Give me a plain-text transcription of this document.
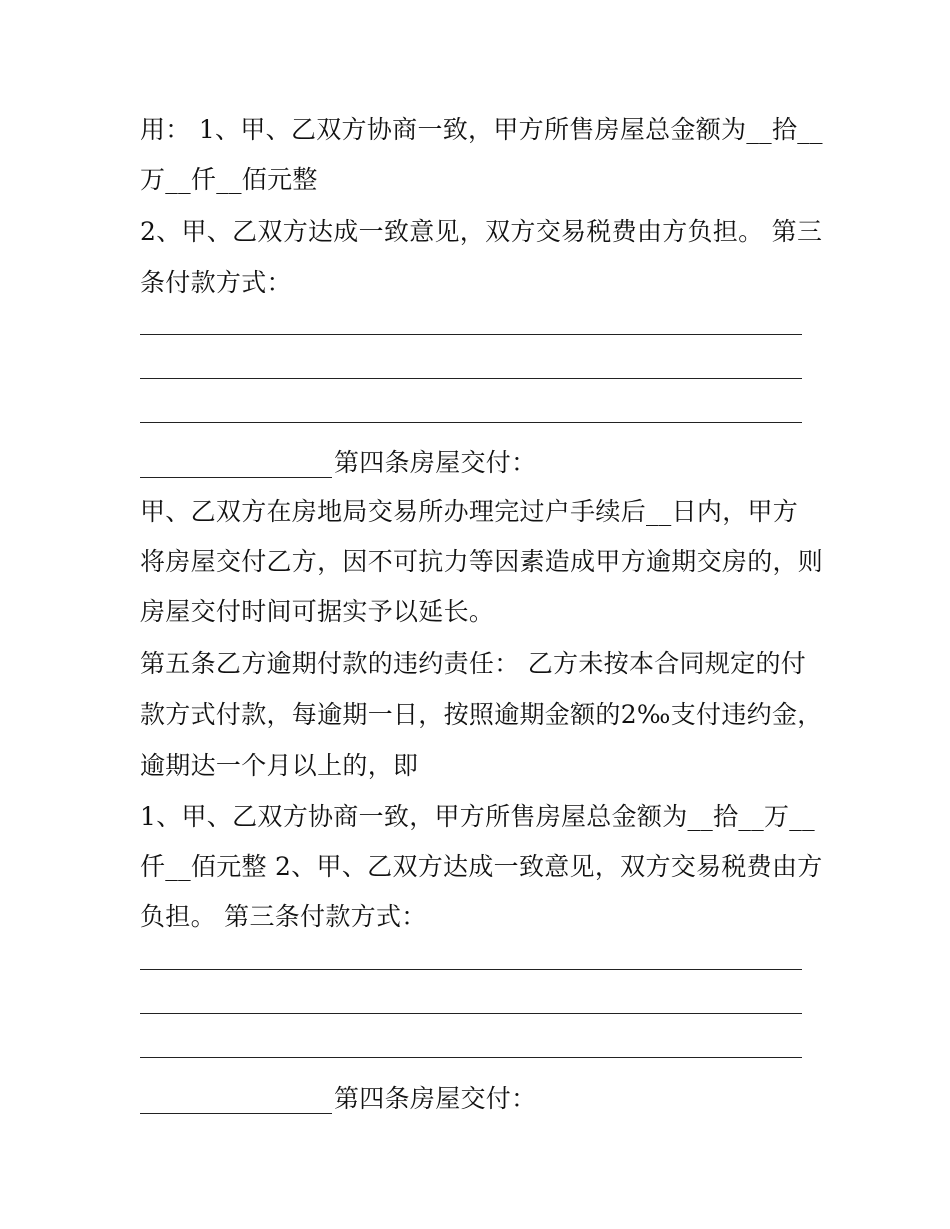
用： 1、甲、乙双方协商一致，甲方所售房屋总金额为__拾__
万__仟__佰元整
2、甲、乙双方达成一致意见，双方交易税费由方负担。 第三
条付款方式：
第四条房屋交付：
甲、乙双方在房地局交易所办理完过户手续后__日内，甲方
将房屋交付乙方，因不可抗力等因素造成甲方逾期交房的，则
房屋交付时间可据实予以延长。
第五条乙方逾期付款的违约责任： 乙方未按本合同规定的付
款方式付款，每逾期一日，按照逾期金额的2‰支付违约金，
逾期达一个月以上的，即
1、甲、乙双方协商一致，甲方所售房屋总金额为__拾__万__
仟__佰元整 2、甲、乙双方达成一致意见，双方交易税费由方
负担。 第三条付款方式：
第四条房屋交付：
